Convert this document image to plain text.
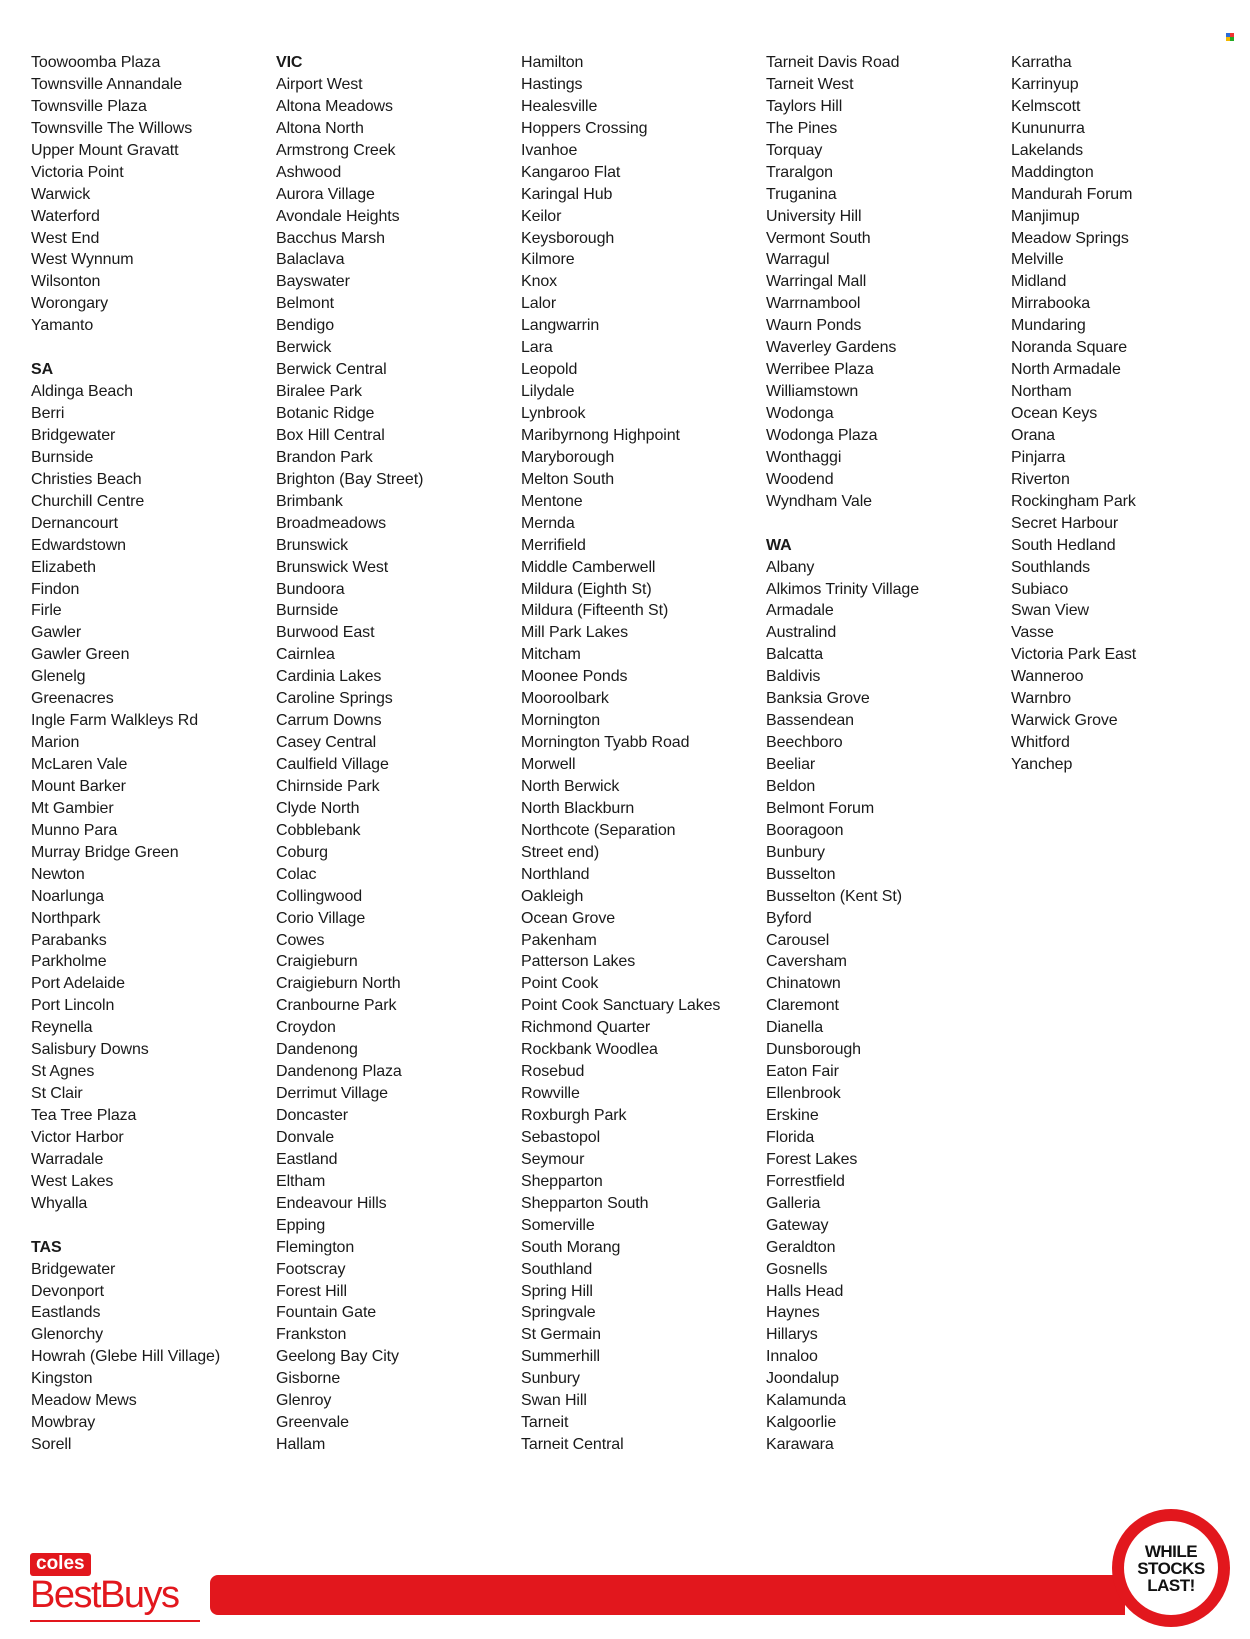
Toowoomba Plaza
Townsville Annandale
Townsville Plaza
Townsville The Willows
Upper Mount Gravatt
Victoria Point
Warwick
Waterford
West End
West Wynnum
Wilsonton
Worongary
Yamanto
SA
Aldinga Beach
Berri
Bridgewater
Burnside
Christies Beach
Churchill Centre
Dernancourt
Edwardstown
Elizabeth
Findon
Firle
Gawler
Gawler Green
Glenelg
Greenacres
Ingle Farm Walkleys Rd
Marion
McLaren Vale
Mount Barker
Mt Gambier
Munno Para
Murray Bridge Green
Newton
Noarlunga
Northpark
Parabanks
Parkholme
Port Adelaide
Port Lincoln
Reynella
Salisbury Downs
St Agnes
St Clair
Tea Tree Plaza
Victor Harbor
Warradale
West Lakes
Whyalla
TAS
Bridgewater
Devonport
Eastlands
Glenorchy
Howrah (Glebe Hill Village)
Kingston
Meadow Mews
Mowbray
Sorell
VIC
Airport West
Altona Meadows
Altona North
Armstrong Creek
Ashwood
Aurora Village
Avondale Heights
Bacchus Marsh
Balaclava
Bayswater
Belmont
Bendigo
Berwick
Berwick Central
Biralee Park
Botanic Ridge
Box Hill Central
Brandon Park
Brighton (Bay Street)
Brimbank
Broadmeadows
Brunswick
Brunswick West
Bundoora
Burnside
Burwood East
Cairnlea
Cardinia Lakes
Caroline Springs
Carrum Downs
Casey Central
Caulfield Village
Chirnside Park
Clyde North
Cobblebank
Coburg
Colac
Collingwood
Corio Village
Cowes
Craigieburn
Craigieburn North
Cranbourne Park
Croydon
Dandenong
Dandenong Plaza
Derrimut Village
Doncaster
Donvale
Eastland
Eltham
Endeavour Hills
Epping
Flemington
Footscray
Forest Hill
Fountain Gate
Frankston
Geelong Bay City
Gisborne
Glenroy
Greenvale
Hallam
Hamilton
Hastings
Healesville
Hoppers Crossing
Ivanhoe
Kangaroo Flat
Karingal Hub
Keilor
Keysborough
Kilmore
Knox
Lalor
Langwarrin
Lara
Leopold
Lilydale
Lynbrook
Maribyrnong Highpoint
Maryborough
Melton South
Mentone
Mernda
Merrifield
Middle Camberwell
Mildura (Eighth St)
Mildura (Fifteenth St)
Mill Park Lakes
Mitcham
Moonee Ponds
Mooroolbark
Mornington
Mornington Tyabb Road
Morwell
North Berwick
North Blackburn
Northcote (Separation
Street end)
Northland
Oakleigh
Ocean Grove
Pakenham
Patterson Lakes
Point Cook
Point Cook Sanctuary Lakes
Richmond Quarter
Rockbank Woodlea
Rosebud
Rowville
Roxburgh Park
Sebastopol
Seymour
Shepparton
Shepparton South
Somerville
South Morang
Southland
Spring Hill
Springvale
St Germain
Summerhill
Sunbury
Swan Hill
Tarneit
Tarneit Central
Tarneit Davis Road
Tarneit West
Taylors Hill
The Pines
Torquay
Traralgon
Truganina
University Hill
Vermont South
Warragul
Warringal Mall
Warrnambool
Waurn Ponds
Waverley Gardens
Werribee Plaza
Williamstown
Wodonga
Wodonga Plaza
Wonthaggi
Woodend
Wyndham Vale
WA
Albany
Alkimos Trinity Village
Armadale
Australind
Balcatta
Baldivis
Banksia Grove
Bassendean
Beechboro
Beeliar
Beldon
Belmont Forum
Booragoon
Bunbury
Busselton
Busselton (Kent St)
Byford
Carousel
Caversham
Chinatown
Claremont
Dianella
Dunsborough
Eaton Fair
Ellenbrook
Erskine
Florida
Forest Lakes
Forrestfield
Galleria
Gateway
Geraldton
Gosnells
Halls Head
Haynes
Hillarys
Innaloo
Joondalup
Kalamunda
Kalgoorlie
Karawara
Karratha
Karrinyup
Kelmscott
Kununurra
Lakelands
Maddington
Mandurah Forum
Manjimup
Meadow Springs
Melville
Midland
Mirrabooka
Mundaring
Noranda Square
North Armadale
Northam
Ocean Keys
Orana
Pinjarra
Riverton
Rockingham Park
Secret Harbour
South Hedland
Southlands
Subiaco
Swan View
Vasse
Victoria Park East
Wanneroo
Warnbro
Warwick Grove
Whitford
Yanchep
coles
BestBuys
WHILE
STOCKS
LAST!
